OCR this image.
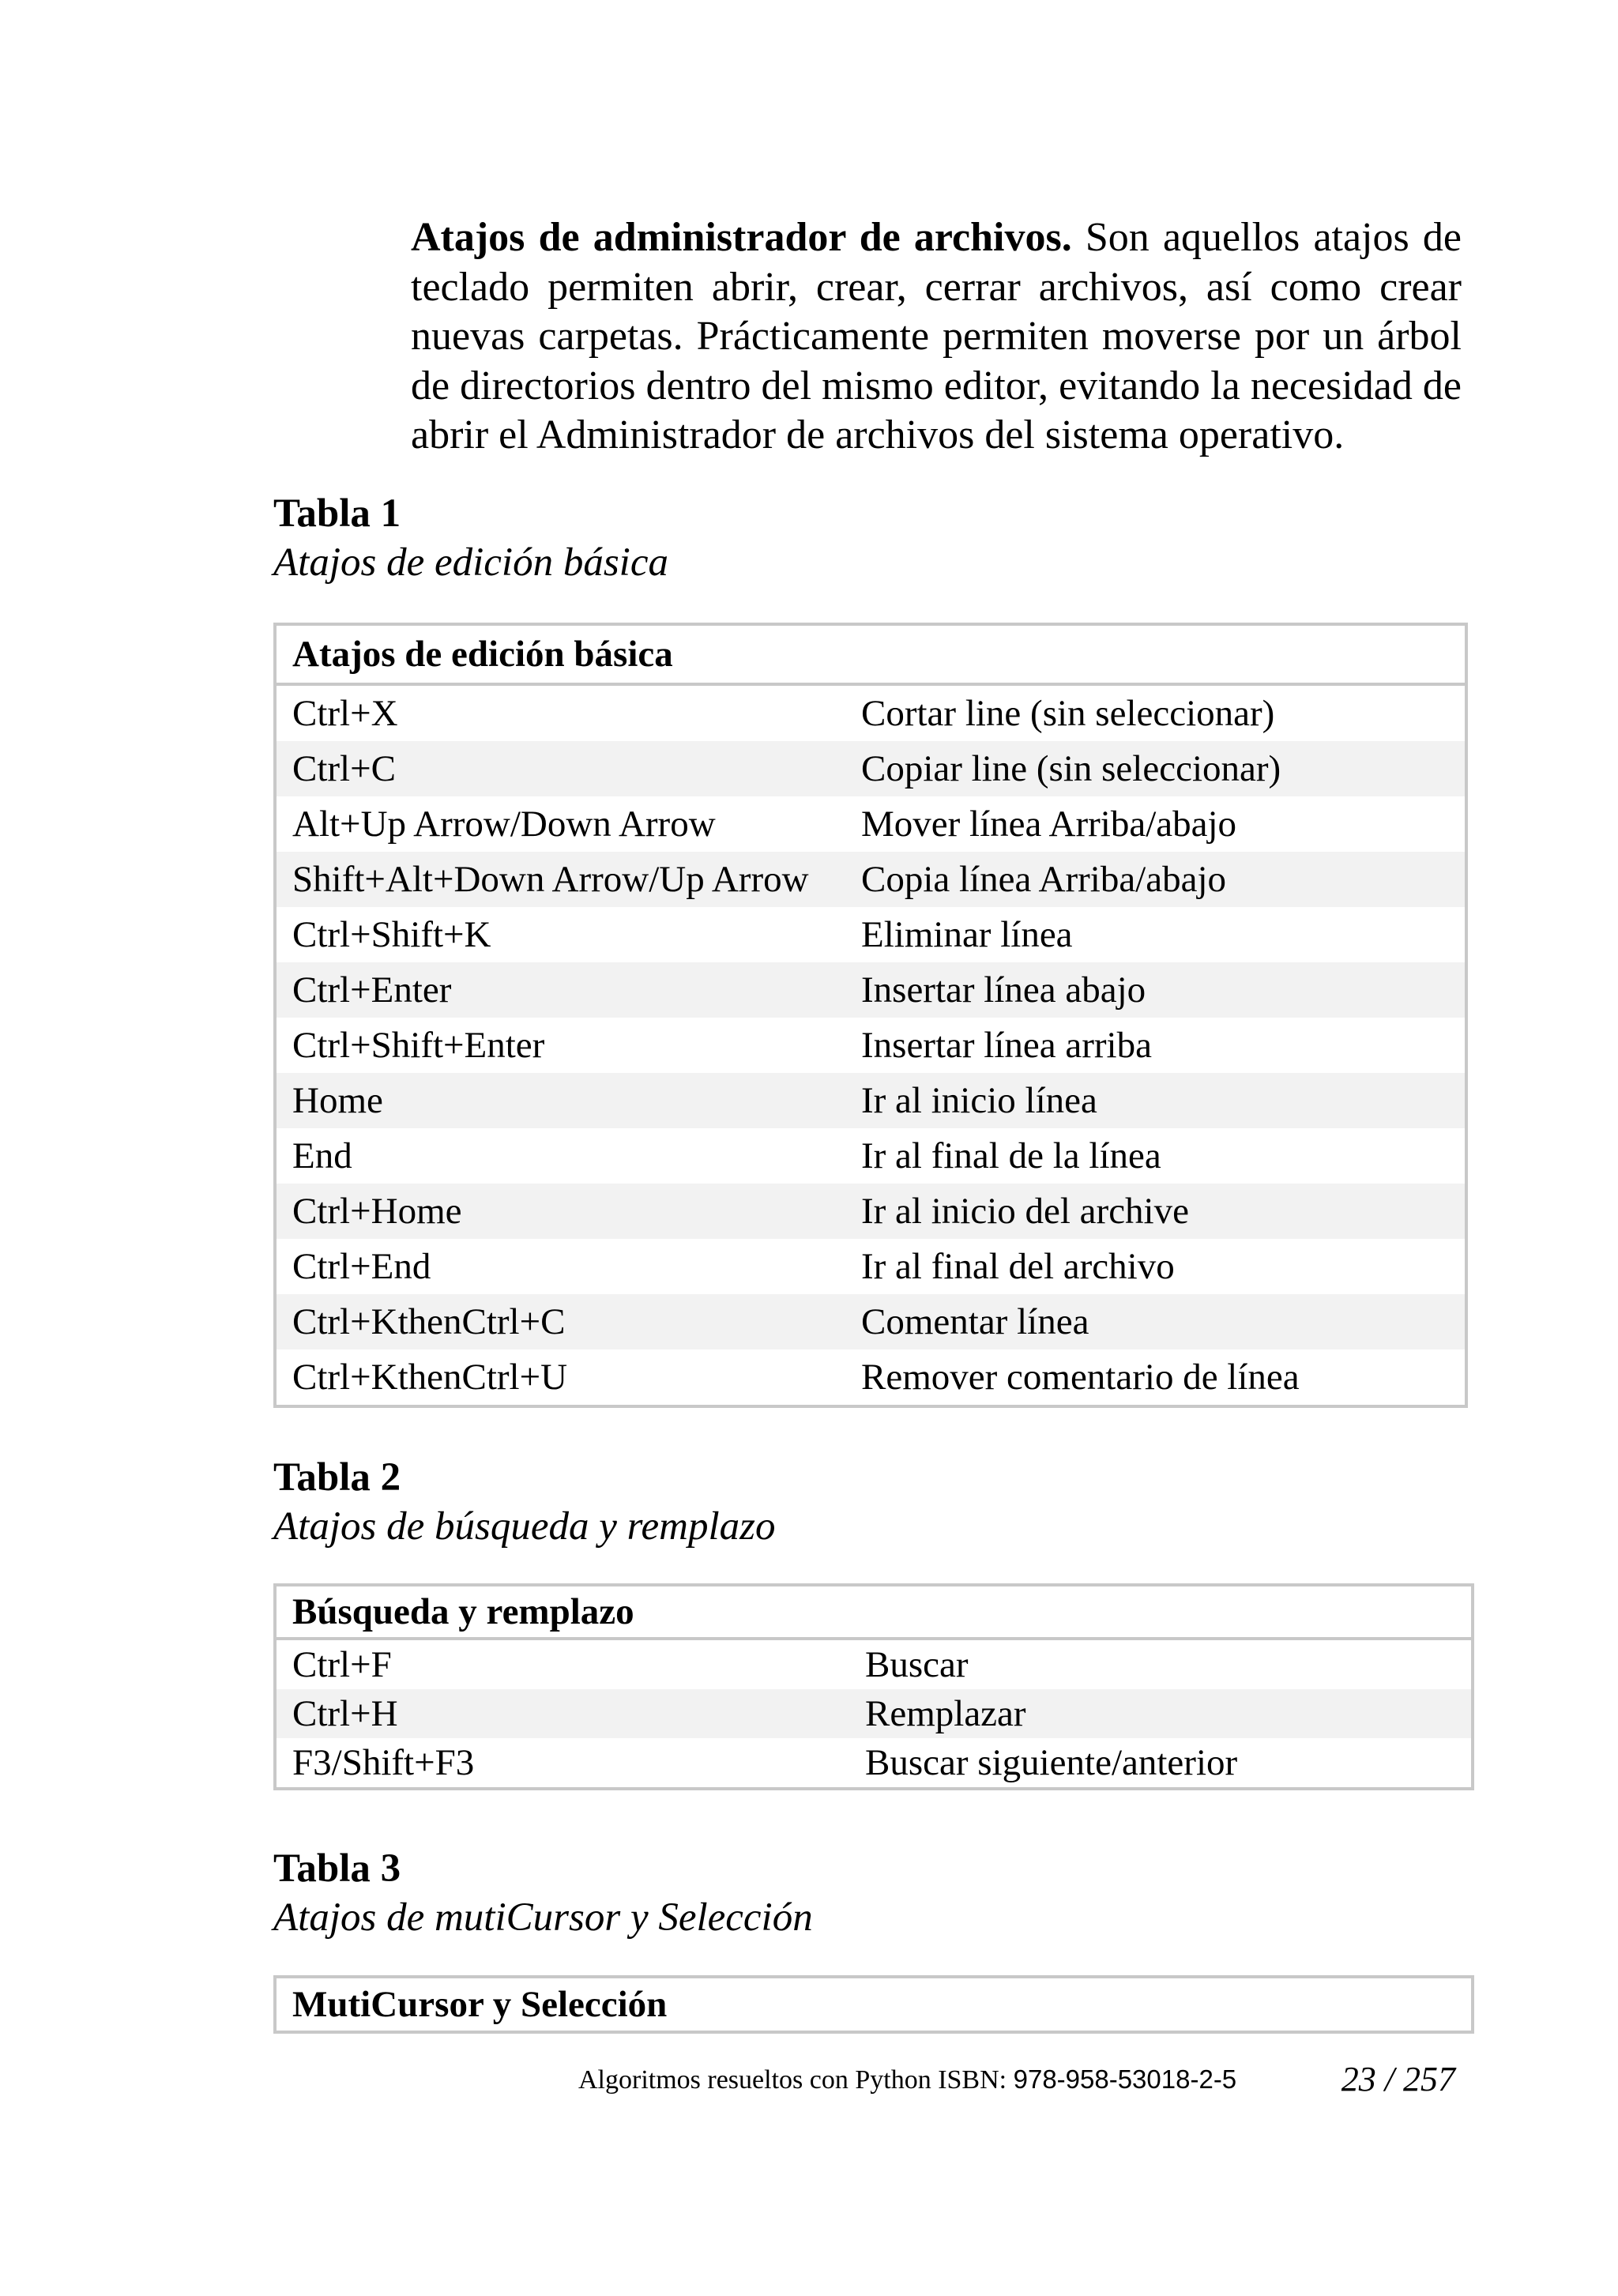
Atajos de administrador de archivos. Son aquellos atajos de teclado permiten abrir, crear, cerrar archivos, así como crear nuevas carpetas. Prácticamente permiten moverse por un árbol de directorios dentro del mismo editor, evitando la necesidad de abrir el Administrador de archivos del sistema operativo.
Tabla 1
Atajos de edición básica
Atajos de edición básica	
Ctrl+X	Cortar line (sin seleccionar)
Ctrl+C	Copiar line (sin seleccionar)
Alt+Up Arrow/Down Arrow	Mover línea Arriba/abajo
Shift+Alt+Down Arrow/Up Arrow	Copia línea Arriba/abajo
Ctrl+Shift+K	Eliminar línea
Ctrl+Enter	Insertar línea abajo
Ctrl+Shift+Enter	Insertar línea arriba
Home	Ir al inicio línea
End	Ir al final de la línea
Ctrl+Home	Ir al inicio del archive
Ctrl+End	Ir al final del archivo
Ctrl+KthenCtrl+C	Comentar línea
Ctrl+KthenCtrl+U	Remover comentario de línea
Tabla 2
Atajos de búsqueda y remplazo
Búsqueda y remplazo	
Ctrl+F	Buscar
Ctrl+H	Remplazar
F3/Shift+F3	Buscar siguiente/anterior
Tabla 3
Atajos de mutiCursor y Selección
MutiCursor y Selección
Algoritmos resueltos con Python ISBN: 978-958-53018-2-5	23 / 257
